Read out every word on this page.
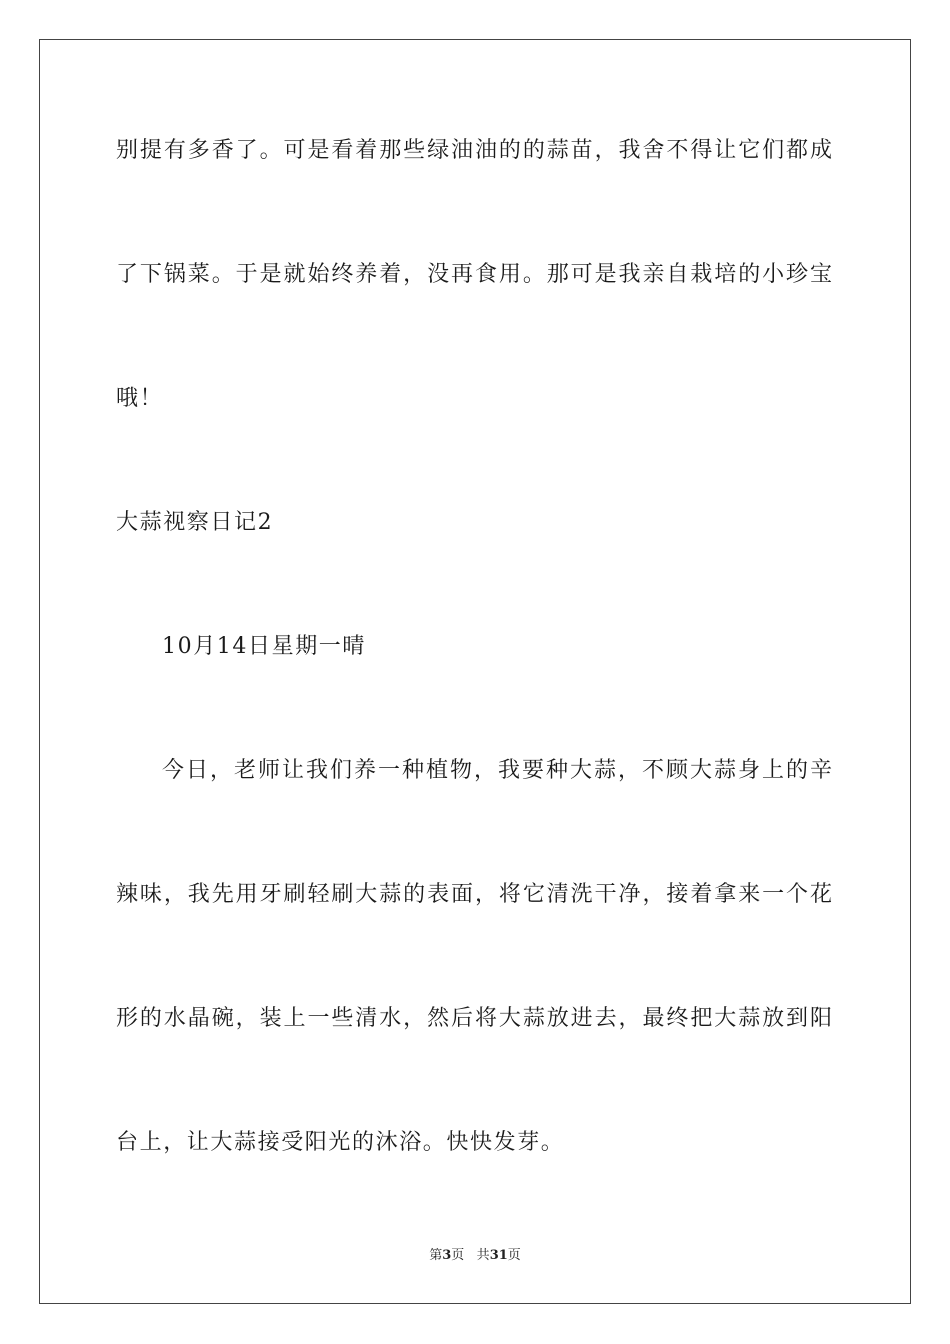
别提有多香了。可是看着那些绿油油的的蒜苗，我舍不得让它们都成
了下锅菜。于是就始终养着，没再食用。那可是我亲自栽培的小珍宝
哦！
大蒜视察日记2
10月14日星期一晴
今日，老师让我们养一种植物，我要种大蒜，不顾大蒜身上的辛
辣味，我先用牙刷轻刷大蒜的表面，将它清洗干净，接着拿来一个花
形的水晶碗，装上一些清水，然后将大蒜放进去，最终把大蒜放到阳
台上，让大蒜接受阳光的沐浴。快快发芽。
第3页 共31页
